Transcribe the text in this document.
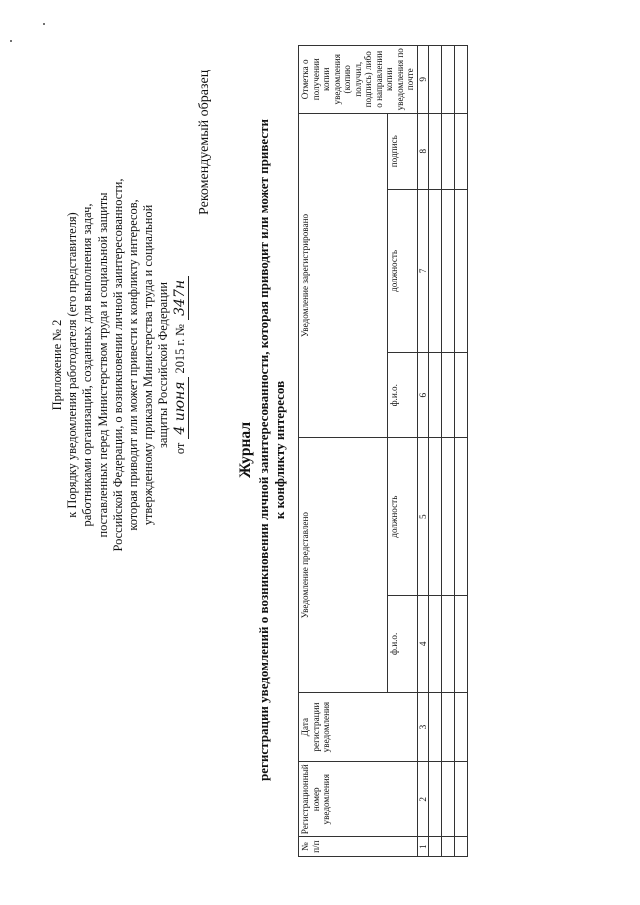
Приложение № 2 к Порядку уведомления работодателя (его представителя) работниками организаций, созданных для выполнения задач, поставленных перед Министерством труда и социальной защиты Российской Федерации, о возникновении личной заинтересованности, которая приводит или может привести к конфликту интересов, утвержденному приказом Министерства труда и социальной защиты Российской Федерации
от
4 июня
2015 г. №
347н
Рекомендуемый образец
Журнал регистрации уведомлений о возникновении личной заинтересованности, которая приводит или может привести
к конфликту интересов
№ п/п	Регистрационный номер уведомления	Дата регистрации уведомления	Уведомление представлено		Уведомление зарегистрировано			Отметка о получении копии уведомления (копию получил, подпись) либо о направлении копии уведомления по почте
			ф.и.о.	должность	ф.и.о.	должность	подпись	
1	2	3	4	5	6	7	8	9
